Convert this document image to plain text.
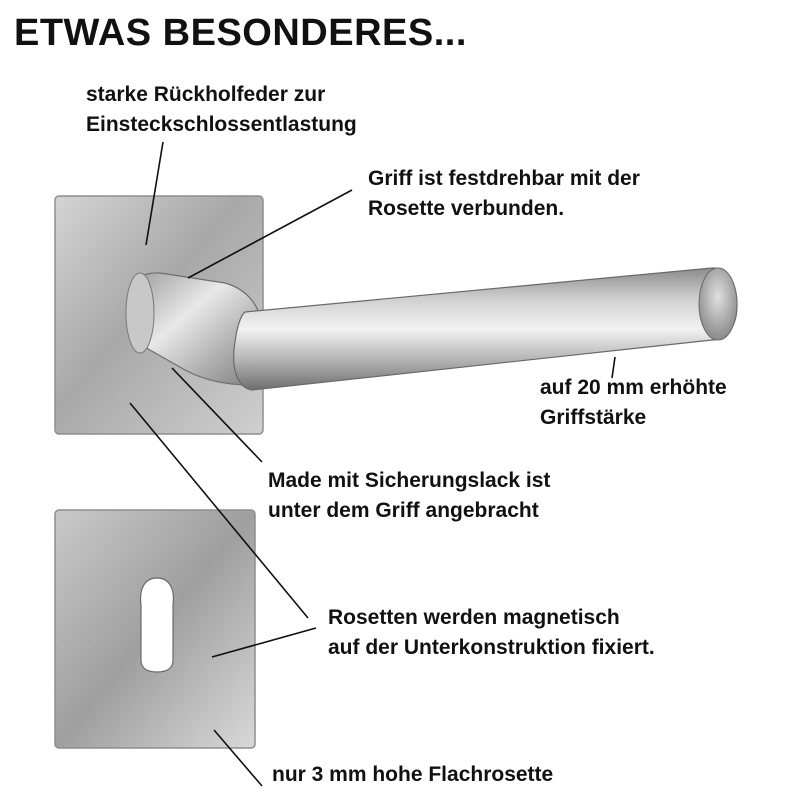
ETWAS BESONDERES...
starke Rückholfeder zur
Einsteckschlossentlastung
Griff ist festdrehbar mit der
Rosette verbunden.
auf 20 mm erhöhte
Griffstärke
Made mit Sicherungslack ist
unter dem Griff angebracht
Rosetten werden magnetisch
auf der Unterkonstruktion fixiert.
nur 3 mm hohe Flachrosette
